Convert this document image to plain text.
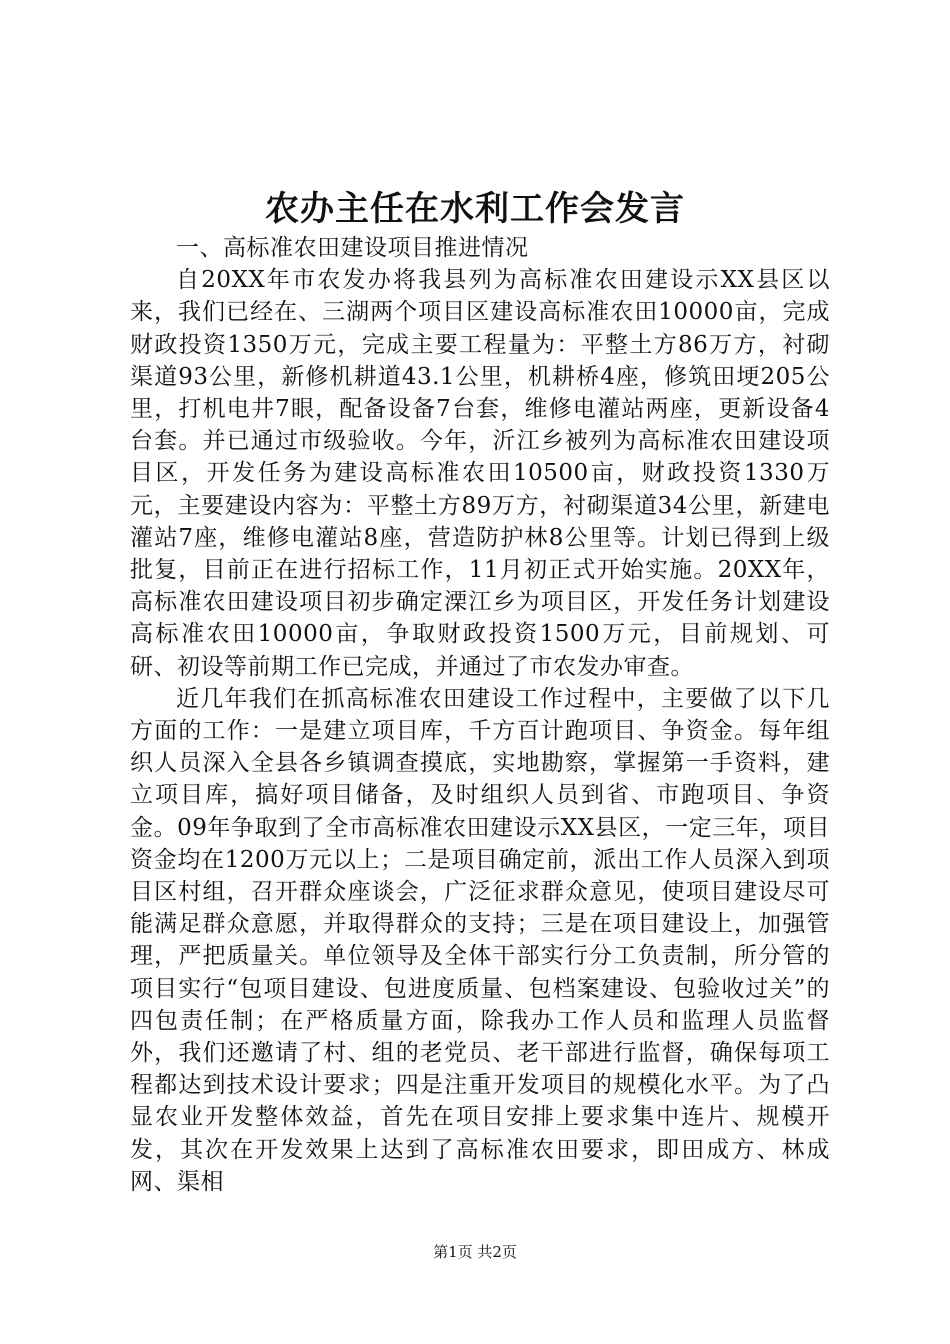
农办主任在水利工作会发言
一、高标准农田建设项目推进情况

自20XX年市农发办将我县列为高标准农田建设示XX县区以来，我们已经在、三湖两个项目区建设高标准农田10000亩，完成财政投资1350万元，完成主要工程量为：平整土方86万方，衬砌渠道93公里，新修机耕道43.1公里，机耕桥4座，修筑田埂205公里，打机电井7眼，配备设备7台套，维修电灌站两座，更新设备4台套。并已通过市级验收。今年，沂江乡被列为高标准农田建设项目区，开发任务为建设高标准农田10500亩，财政投资1330万元，主要建设内容为：平整土方89万方，衬砌渠道34公里，新建电灌站7座，维修电灌站8座，营造防护林8公里等。计划已得到上级批复，目前正在进行招标工作，11月初正式开始实施。20XX年，高标准农田建设项目初步确定溧江乡为项目区，开发任务计划建设高标准农田10000亩，争取财政投资1500万元，目前规划、可研、初设等前期工作已完成，并通过了市农发办审查。

近几年我们在抓高标准农田建设工作过程中，主要做了以下几方面的工作：一是建立项目库，千方百计跑项目、争资金。每年组织人员深入全县各乡镇调查摸底，实地勘察，掌握第一手资料，建立项目库，搞好项目储备，及时组织人员到省、市跑项目、争资金。09年争取到了全市高标准农田建设示XX县区，一定三年，项目资金均在1200万元以上；二是项目确定前，派出工作人员深入到项目区村组，召开群众座谈会，广泛征求群众意见，使项目建设尽可能满足群众意愿，并取得群众的支持；三是在项目建设上，加强管理，严把质量关。单位领导及全体干部实行分工负责制，所分管的项目实行“包项目建设、包进度质量、包档案建设、包验收过关”的四包责任制；在严格质量方面，除我办工作人员和监理人员监督外，我们还邀请了村、组的老党员、老干部进行监督，确保每项工程都达到技术设计要求；四是注重开发项目的规模化水平。为了凸显农业开发整体效益，首先在项目安排上要求集中连片、规模开发，其次在开发效果上达到了高标准农田要求，即田成方、林成网、渠相

第1页 共2页
